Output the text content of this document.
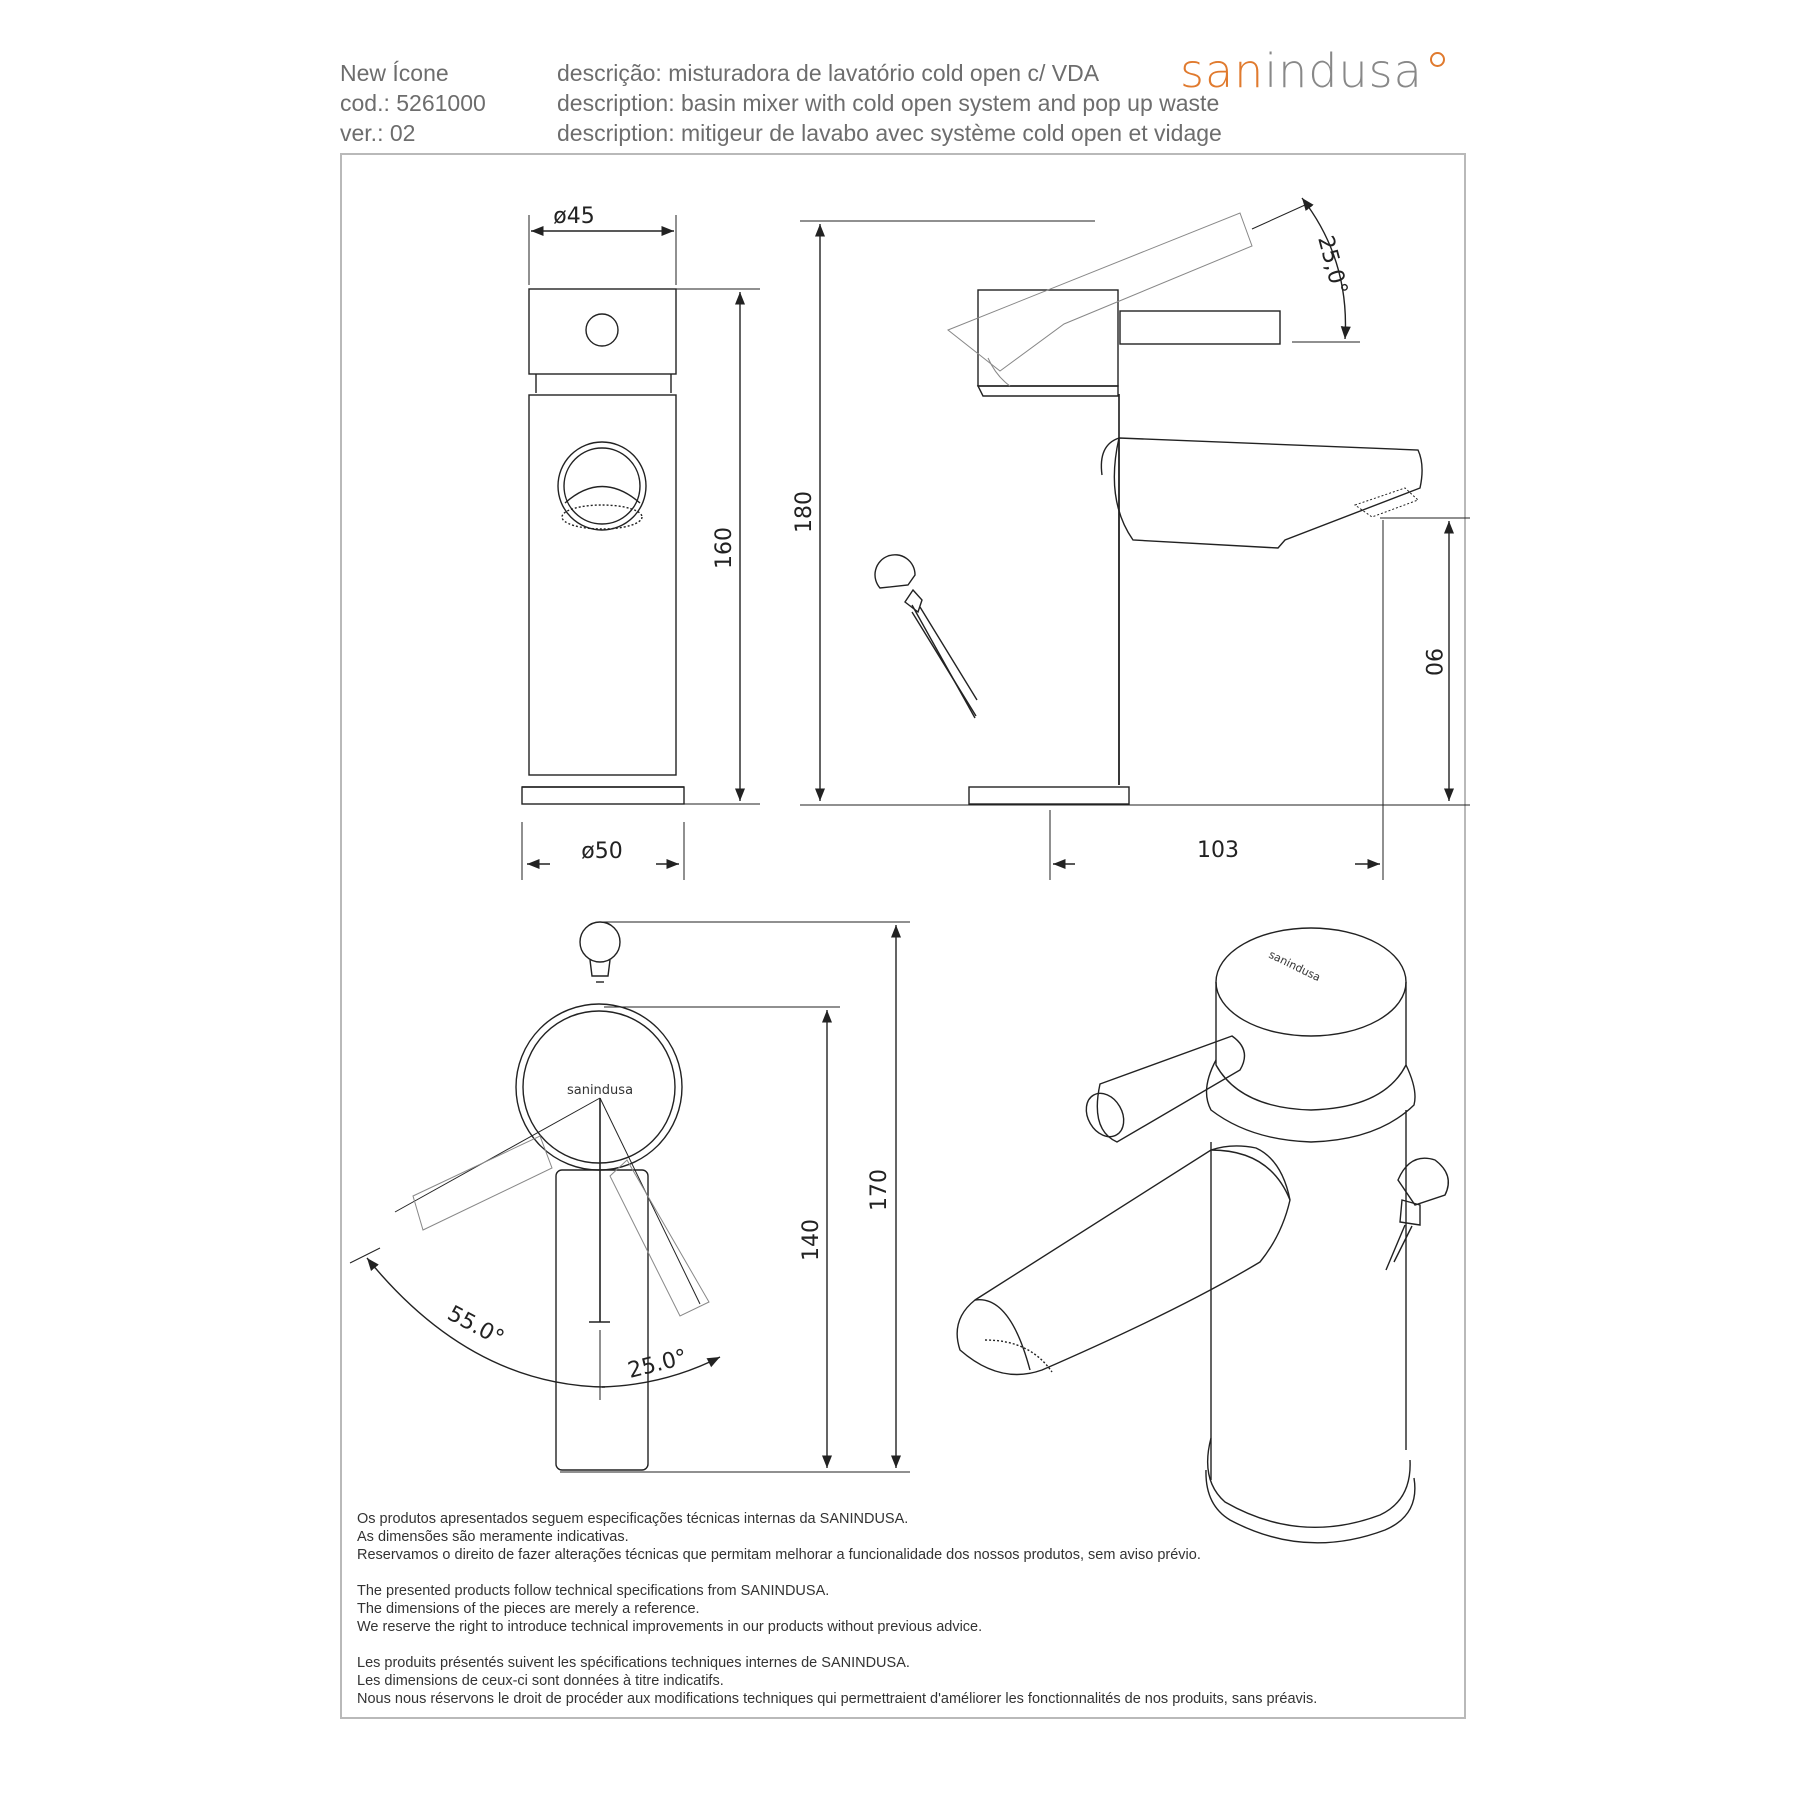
New Ícone
cod.: 5261000
ver.: 02
descrição: misturadora de lavatório cold open c/ VDA
description: basin mixer with cold open system and pop up waste
description: mitigeur de lavabo avec système cold open et vidage
sanindusa
ø45
ø50
160
180
90
103
25,0°
170
140
55.0°
25.0°
sanindusa
sanindusa

Os produtos apresentados seguem especificações técnicas internas da SANINDUSA.
As dimensões são meramente indicativas.
Reservamos o direito de fazer alterações técnicas que permitam melhorar a funcionalidade dos nossos produtos, sem aviso prévio.

The presented products follow technical specifications from SANINDUSA.
The dimensions of the pieces are merely a reference.
We reserve the right to introduce technical improvements in our products without previous advice.

Les produits présentés suivent les spécifications techniques internes de SANINDUSA.
Les dimensions de ceux-ci sont données à titre indicatifs.
Nous nous réservons le droit de procéder aux modifications techniques qui permettraient d'améliorer les fonctionnalités de nos produits, sans préavis.
